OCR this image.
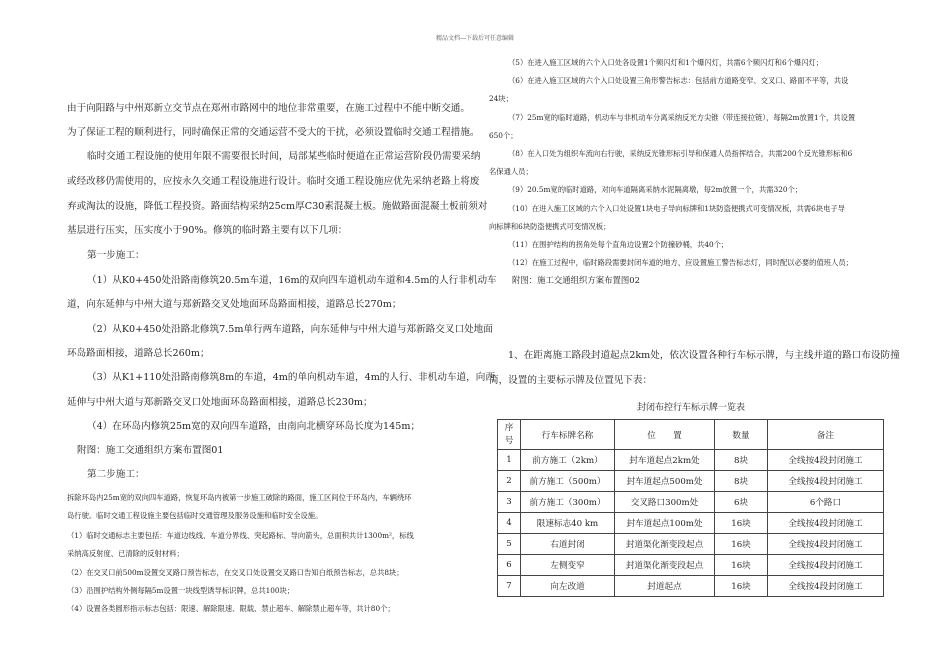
精品文档---下载后可任意编辑
由于向阳路与中州郑新立交节点在郑州市路网中的地位非常重要，在施工过程中不能中断交通。
为了保证工程的顺利进行，同时确保正常的交通运营不受大的干扰，必须设置临时交通工程措施。
临时交通工程设施的使用年限不需要很长时间，局部某些临时便道在正常运营阶段仍需要采纳
或经改移仍需使用的，应按永久交通工程设施进行设计。临时交通工程设施应优先采纳老路上将废
弃或淘汰的设施，降低工程投资。路面结构采纳25cm厚C30素混凝土板。施做路面混凝土板前须对
基层进行压实，压实度小于90%。修筑的临时路主要有以下几项：
第一步施工：
（1）从K0+450处沿路南修筑20.5m车道，16m的双向四车道机动车道和4.5m的人行非机动车
道，向东延伸与中州大道与郑新路交叉处地面环岛路面相接，道路总长270m；
（2）从K0+450处沿路北修筑7.5m单行两车道路，向东延伸与中州大道与郑新路交叉口处地面
环岛路面相接，道路总长260m；
（3）从K1+110处沿路南修筑8m的车道，4m的单向机动车道，4m的人行、非机动车道，向西
延伸与中州大道与郑新路交叉口处地面环岛路面相接，道路总长230m；
（4）在环岛内修筑25m宽的双向四车道路，由南向北横穿环岛长度为145m；
附图：施工交通组织方案布置图01
第二步施工：
拆除环岛内25m宽的双向四车道路，恢复环岛内被第一步施工破除的路面，施工区间位于环岛内，车辆绕环
岛行驶。临时交通工程设施主要包括临时交通管理及服务设施和临时安全设施。
（1）临时交通标志主要包括：车道边线线、车道分界线、突起路标、导向箭头，总面积共计1300m²，标线
采纳高反射度、已清除的反射材料；
（2）在交叉口前500m设置交叉路口预告标志，在交叉口处设置交叉路口告知白纸预告标志，总共8块；
（3）沿围护结构外侧每隔5m设置一块线型诱导标识牌，总共100块；
（4）设置各类圆形指示标志包括：限速、解除限速、限载、禁止超车、解除禁止超车等，共计80个；
（5）在进入施工区域的六个入口处各设置1个频闪灯和1个爆闪灯，共需6个频闪灯和6个爆闪灯；
（6）在进入施工区域的六个入口处设置三角形警告标志：包括前方道路变窄、交叉口、路面不平等，共设
24块；
（7）25m宽的临时道路，机动车与非机动车分离采纳反光方尖锥（带连接拉链），每隔2m放置1个，共设置
650个；
（8）在入口处为组织车流向右行驶，采纳反光锥形标引导和保通人员指挥结合，共需200个反光锥形标和6
名保通人员；
（9）20.5m宽的临时道路，对向车道隔离采纳水泥隔离墩，每2m放置一个，共需320个；
（10）在进入施工区域的六个入口处设置1块电子导向标牌和1块防盗便携式可变情况板，共需6块电子导
向标牌和6块防盗便携式可变情况板；
（11）在围护结构的拐角处每个直角边设置2个防撞砂桶，共40个；
（12）在施工过程中，临时路段需要封闭车道的地方，应设置施工警告标志灯，同时配以必要的值班人员；
附图：施工交通组织方案布置图02
1、在距离施工路段封道起点2km处，依次设置各种行车标示牌，与主线并道的路口布设防撞
筒，设置的主要标示牌及位置见下表：
封闭布控行车标示牌一览表
序
号	行车标牌名称	位　　置	数量	备注
1	前方施工（2km）	封车道起点2km处	8块	全线按4段封闭施工
2	前方施工（500m）	封车道起点500m处	8块	全线按4段封闭施工
3	前方施工（300m）	交叉路口300m处	6块	6个路口
4	限速标志40 km	封车道起点100m处	16块	全线按4段封闭施工
5	右道封闭	封道渠化渐变段起点	16块	全线按4段封闭施工
6	左侧变窄	封道渠化渐变段起点	16块	全线按4段封闭施工
7	向左改道	封道起点	16块	全线按4段封闭施工
